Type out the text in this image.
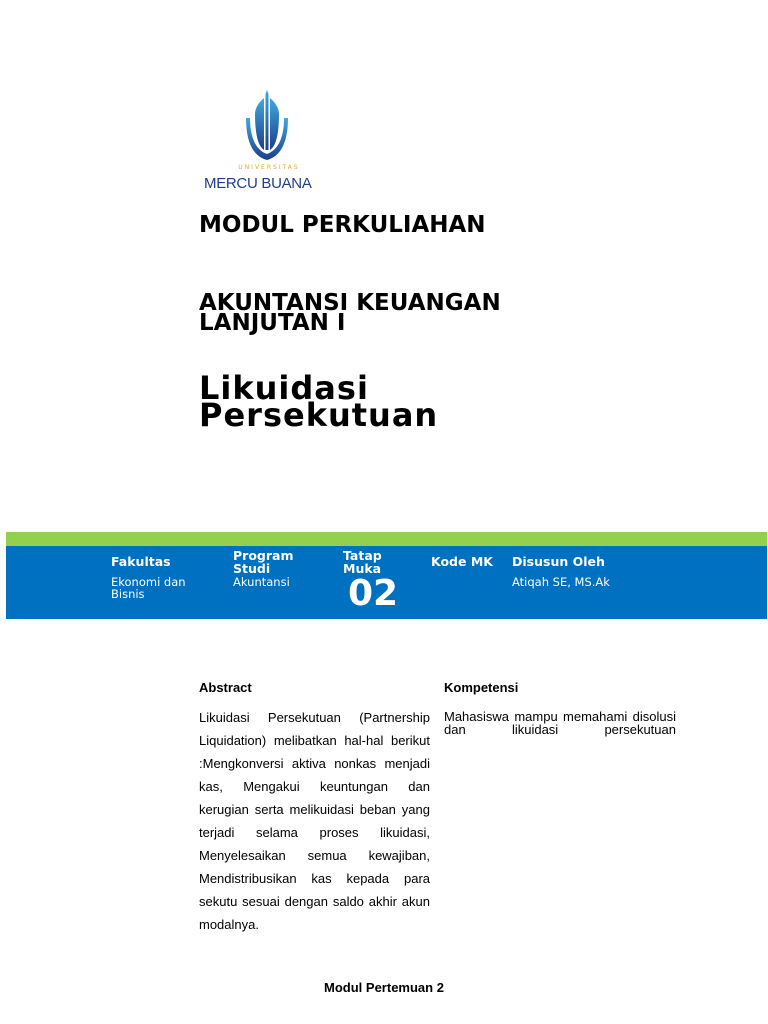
UNIVERSITAS
MERCU BUANA
MODUL PERKULIAHAN
AKUNTANSI KEUANGAN LANJUTAN I
Likuidasi Persekutuan
Fakultas
Ekonomi dan Bisnis
Program Studi
Akuntansi
Tatap Muka
02
Kode MK Disusun Oleh
Atiqah SE, MS.Ak
Abstract
Likuidasi Persekutuan (Partnership Liquidation) melibatkan hal-hal berikut :Mengkonversi aktiva nonkas menjadi kas, Mengakui keuntungan dan kerugian serta melikuidasi beban yang terjadi selama proses likuidasi, Menyelesaikan semua kewajiban, Mendistribusikan kas kepada para sekutu sesuai dengan saldo akhir akun modalnya.
Kompetensi
Mahasiswa mampu memahami disolusi dan likuidasi persekutuan
Modul Pertemuan 2
